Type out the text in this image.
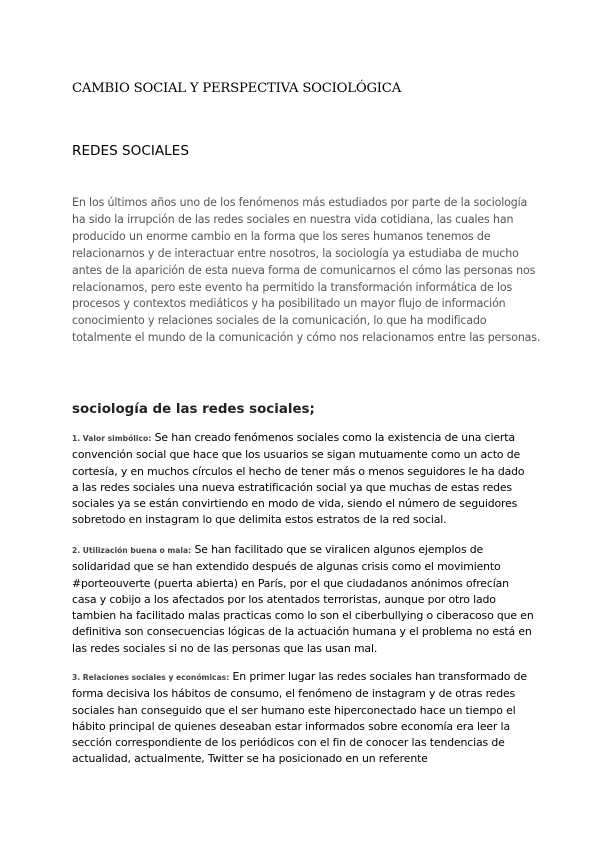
CAMBIO SOCIAL Y PERSPECTIVA SOCIOLÓGICA
REDES SOCIALES

En los últimos años uno de los fenómenos más estudiados por parte de la sociología ha sido la irrupción de las redes sociales en nuestra vida cotidiana, las cuales han producido un enorme cambio en la forma que los seres humanos tenemos de relacionarnos y de interactuar entre nosotros, la sociología ya estudiaba de mucho antes de la aparición de esta nueva forma de comunicarnos el cómo las personas nos relacionamos, pero este evento ha permitido la transformación informática de los procesos y contextos mediáticos y ha posibilitado un mayor flujo de información conocimiento y relaciones sociales de la comunicación, lo que ha modificado totalmente el mundo de la comunicación y cómo nos relacionamos entre las personas.

sociología de las redes sociales;

1. Valor simbólico: Se han creado fenómenos sociales como la existencia de una cierta convención social que hace que los usuarios se sigan mutuamente como un acto de cortesía, y en muchos círculos el hecho de tener más o menos seguidores le ha dado a las redes sociales una nueva estratificación social ya que muchas de estas redes sociales ya se están convirtiendo en modo de vida, siendo el número de seguidores sobretodo en instagram lo que delimita estos estratos de la red social.

2. Utilización buena o mala: Se han facilitado que se viralicen algunos ejemplos de solidaridad que se han extendido después de algunas crisis como el movimiento #porteouverte (puerta abierta) en París, por el que ciudadanos anónimos ofrecían casa y cobijo a los afectados por los atentados terroristas, aunque por otro lado tambien ha facilitado malas practicas como lo son el ciberbullying o ciberacoso que en definitiva son consecuencias lógicas de la actuación humana y el problema no está en las redes sociales si no de las personas que las usan mal.

3. Relaciones sociales y económicas: En primer lugar las redes sociales han transformado de forma decisiva los hábitos de consumo, el fenómeno de instagram y de otras redes sociales han conseguido que el ser humano este hiperconectado hace un tiempo el hábito principal de quienes deseaban estar informados sobre economía era leer la sección correspondiente de los periódicos con el fin de conocer las tendencias de actualidad, actualmente, Twitter se ha posicionado en un referente
